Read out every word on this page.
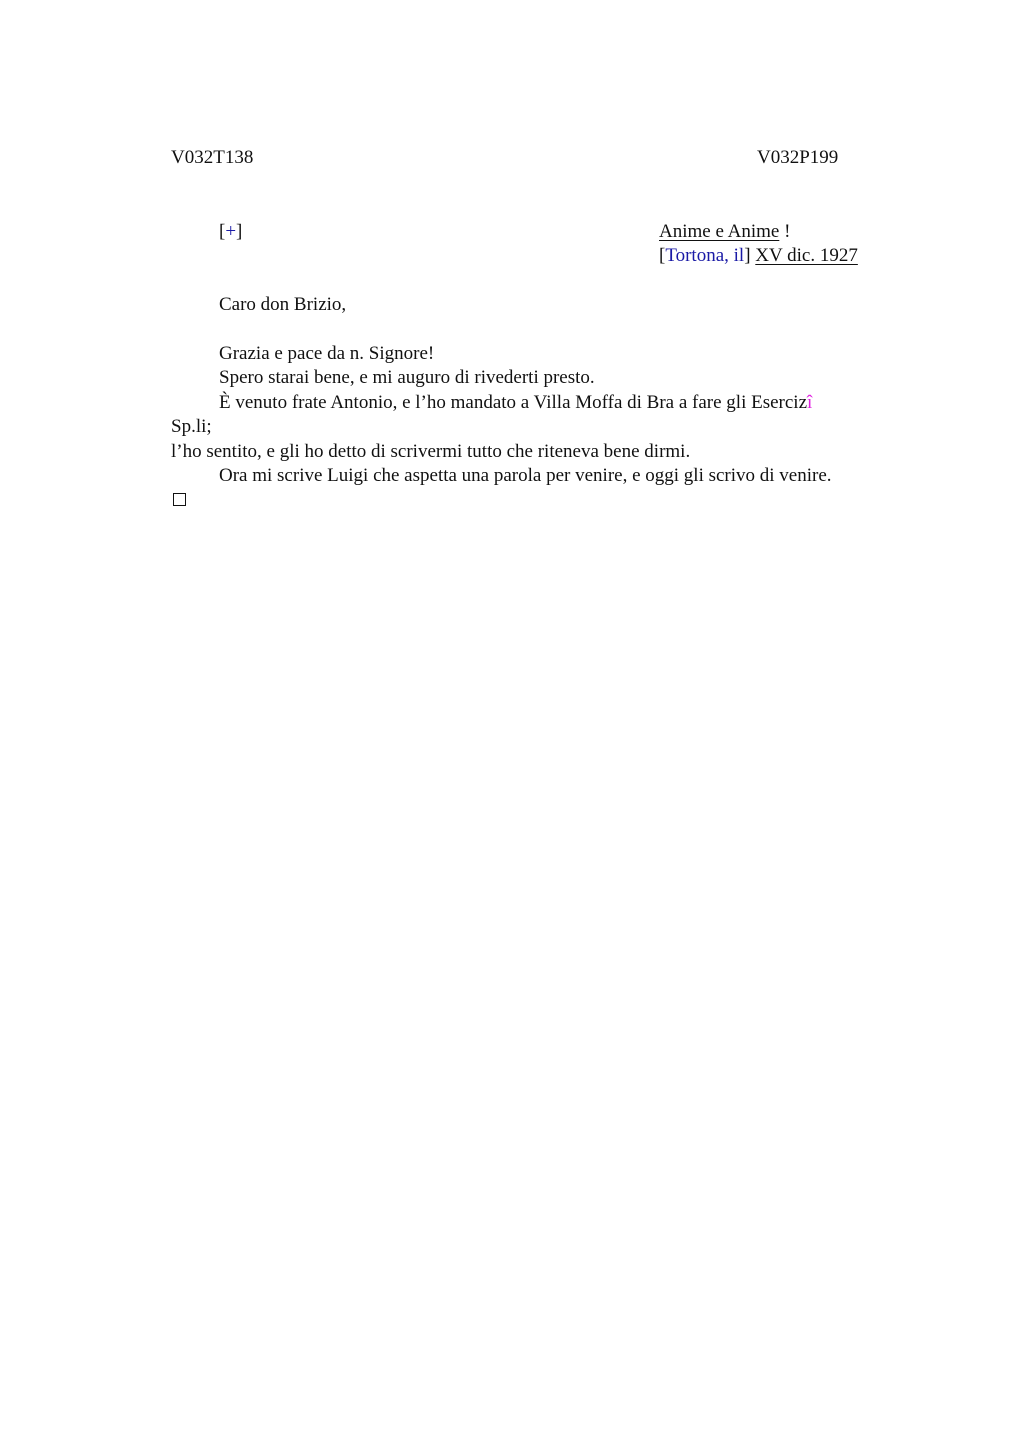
V032T138	V032P199
[+]	Anime e Anime !
[Tortona, il] XV dic. 1927
Caro don Brizio,
Grazia e pace da n. Signore!
Spero starai bene, e mi auguro di rivederti presto.
È venuto frate Antonio, e l’ho mandato a Villa Moffa di Bra a fare gli Esercizî
Sp.li;
l’ho sentito, e gli ho detto di scrivermi tutto che riteneva bene dirmi.
Ora mi scrive Luigi che aspetta una parola per venire, e oggi gli scrivo di venire.
